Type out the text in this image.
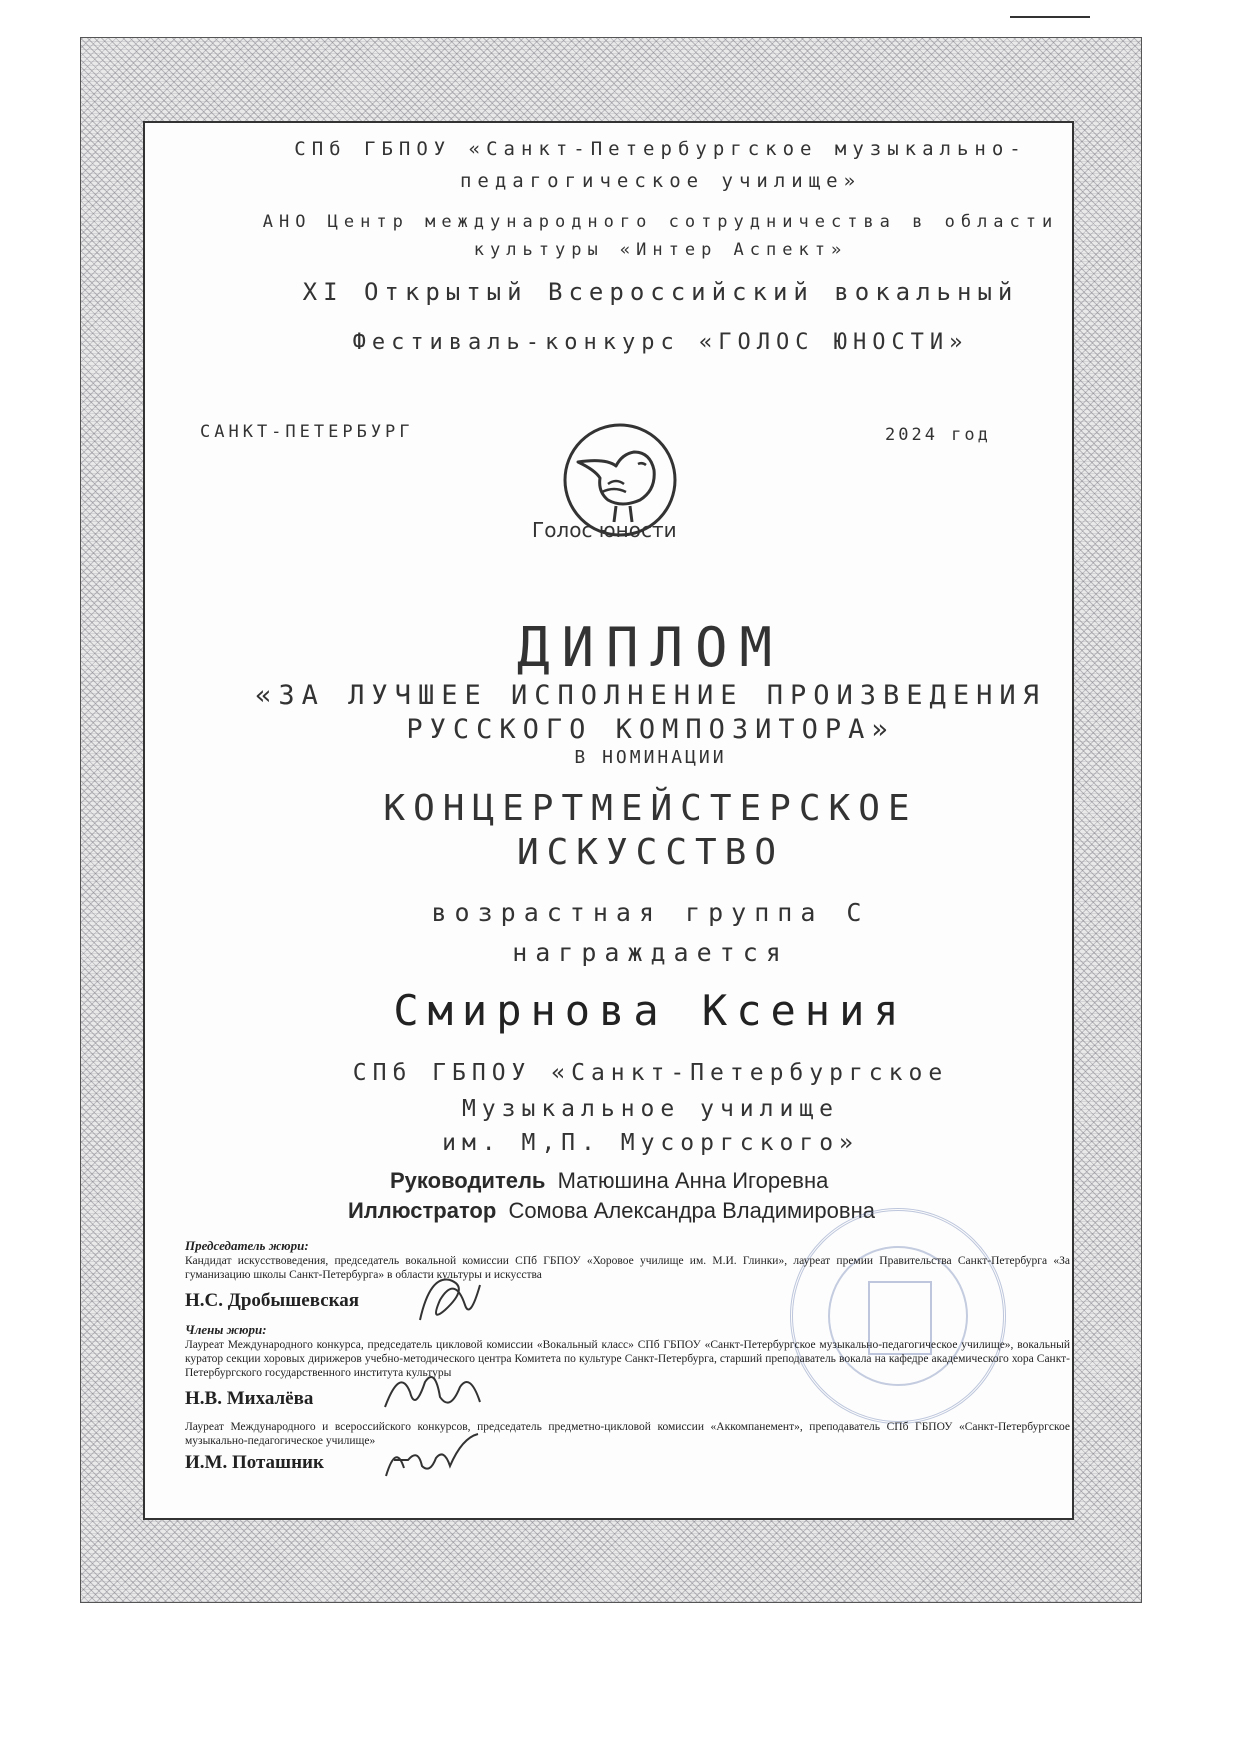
СПб ГБПОУ «Санкт-Петербургское музыкально-
педагогическое училище»
АНО Центр международного сотрудничества в области
культуры «Интер Аспект»
XI Открытый Всероссийский вокальный
Фестиваль-конкурс «ГОЛОС ЮНОСТИ»
САНКТ-ПЕТЕРБУРГ	2024 год
Голос юности
ДИПЛОМ
«ЗА ЛУЧШЕЕ ИСПОЛНЕНИЕ ПРОИЗВЕДЕНИЯ
РУССКОГО КОМПОЗИТОРА»
В НОМИНАЦИИ
КОНЦЕРТМЕЙСТЕРСКОЕ
ИСКУССТВО
возрастная группа С
награждается
Смирнова Ксения
СПб ГБПОУ «Санкт-Петербургское
Музыкальное училище
им. М,П. Мусоргского»
Руководитель Матюшина Анна Игоревна
Иллюстратор Сомова Александра Владимировна
Председатель жюри:
Кандидат искусствоведения, председатель вокальной комиссии СПб ГБПОУ «Хоровое училище им. М.И. Глинки», лауреат премии Правительства Санкт-Петербурга «За гуманизацию школы Санкт-Петербурга» в области культуры и искусства
Н.С. Дробышевская
Члены жюри:
Лауреат Международного конкурса, председатель цикловой комиссии «Вокальный класс» СПб ГБПОУ «Санкт-Петербургское музыкально-педагогическое училище», вокальный куратор секции хоровых дирижеров учебно-методического центра Комитета по культуре Санкт-Петербурга, старший преподаватель вокала на кафедре академического хора Санкт-Петербургского государственного института культуры
Н.В. Михалёва
Лауреат Международного и всероссийского конкурсов, председатель предметно-цикловой комиссии «Аккомпанемент», преподаватель СПб ГБПОУ «Санкт-Петербургское музыкально-педагогическое училище»
И.М. Поташник
